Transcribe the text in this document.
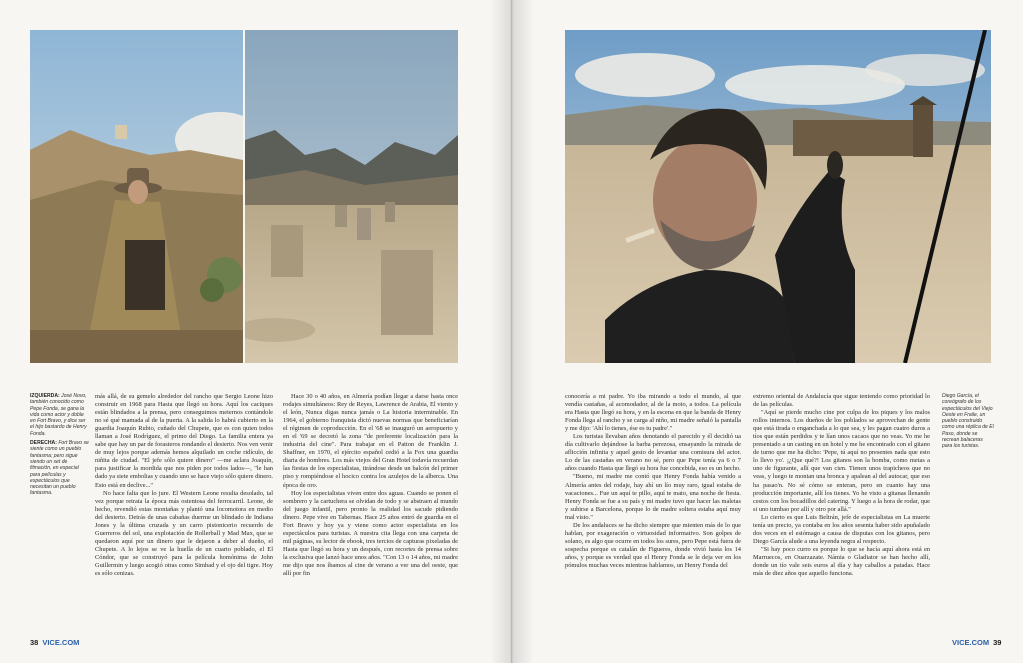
IZQUIERDA: José Novo, también conocido como Pepe Fonda, se gana la vida como actor y doble en Fort Bravo, y dice ser el hijo bastardo de Henry Fonda.

DERECHA: Fort Bravo se siente como un pueblo fantasma; pero sigue siendo un set de filmación, en especial para películas y espectáculos que necesitan un pueblo fantasma.

más allá, de su gemelo alrededor del rancho que Sergio Leone hizo construir en 1968 para Hasta que llegó su hora. Aquí los caciques están blindados a la prensa, pero conseguimos meternos contándole no sé qué mamada al de la puerta. A la salida lo habrá cubierto en la guardia Joaquín Rubio, cuñado del Chupete, que es con quien todos llaman a José Rodríguez, el primo del Diego. La familia entera ya sabe que hay un par de forasteros rondando el desierto. Nos ven venir de muy lejos porque además hemos alquilado un coche ridículo, de niñita de ciudad. "El jefe sólo quiere dinero" —me aclara Joaquín, para justificar la mordida que nos piden por todos lados—, "le han dado ya siete embolias y cuando uno se hace viejo sólo quiere dinero. Esto está en declive..."

No hace falta que lo jure. El Western Leone resulta desolado, tal vez porque retrata la época más ostentosa del ferrocarril. Leone, de hecho, revendió estas montañas y plantó una locomotora en medio del desierto. Detrás de unas cabañas duerme un blindado de Indiana Jones y la última cruzada y un carro pistonicerio recuerdo de Guerreros del sol, una explotación de Rollerball y Mad Max, que se quedaron aquí por un dinero que le dejaron a deber al dueño, el Chupete. A lo lejos se ve la huella de un cuarto poblado, el El Cóndor, que se construyó para la película homónima de John Guillermin y luego acogió otras como Simbad y el ojo del tigre. Hoy es sólo cenizas.

Hace 30 o 40 años, en Almería podían llegar a darse hasta once rodajes simultáneos: Rey de Reyes, Lawrence de Arabia, El viento y el león, Nunca digas nunca jamás o La historia interminable. En 1964, el gobierno franquista dictó nuevas normas que beneficiarían el régimen de coproducción. En el '68 se inauguró un aeropuerto y en el '69 se decretó la zona "de preferente localización para la industria del cine". Para trabajar en el Patton de Franklin J. Shaffner, en 1970, el ejército español cedió a la Fox una guardia diaria de hombres. Los más viejos del Gran Hotel todavía recuerdan las fiestas de los especialistas, tirándose desde un balcón del primer piso y rompiéndose el hocico contra los azulejos de la alberca. Una época de oro.

Hoy los especialistas viven entre dos aguas. Cuando se ponen el sombrero y la cartuchera se olvidan de todo y se abstraen al mundo del juego infantil, pero pronto la realidad los sacude pidiendo dinero. Pepe vive en Tabernas. Hace 25 años entró de guardia en el Fort Bravo y hoy ya y viene como actor especialista en los espectáculos para turistas. A nuestra cita llega con una carpeta de mil páginas, su lector de ebook, tres tercios de capturas pixeladas de Hasta que llegó su hora y un después, con recortes de prensa sobre la exclusiva que lanzó hace unos años. "Con 13 o 14 años, mi madre me dijo que nos íbamos al cine de verano a ver una del oeste, que allí por fin

38 VICE.COM

conocería a mi padre. Yo iba mirando a todo el mundo, al que vendía castañas, al acomodador, al de la moto, a todos. La película era Hasta que llegó su hora, y en la escena en que la banda de Henry Fonda llega al rancho y se carga al niño, mi madre señaló la pantalla y me dijo: 'Ahí lo tienes, ése es tu padre'."

Los turistas llevaban años denotando el parecido y él decidió ua día cultivarlo dejándose la barba perezosa, ensayando la mirada de aflicción infinita y aquel gesto de levantar una comisura del actor. Lo de las castañas en verano no sé, pero que Pepe tenía ya 6 o 7 años cuando Hasta que llegó su hora fue concebida, eso es un hecho.

"Bueno, mi madre me contó que Henry Fonda había venido a Almería antes del rodaje, hay ahí un lío muy raro, igual estaba de vacaciones... Fue un aquí te pillo, aquí te mato, una noche de fiesta. Henry Fonda se fue a su país y mi madre tuvo que hacer las maletas y subirse a Barcelona, porque lo de madre soltera estaba aquí muy mal visto."

De los andaluces se ha dicho siempre que mienten más de lo que hablan, por exageración o virtuosidad informativo. Son golpes de solano, es algo que ocurre en todos los sures, pero Pepe está fuera de sospecha porque es catalán de Figueres, donde vivió hasta los 14 años, y porque es verdad que el Henry Fonda se le deja ver en los pómulos muchas veces mientras hablamos, un Henry Fonda del

extremo oriental de Andalucía que sigue teniendo como prioridad lo de las películas.

"Aquí se pierde mucho cine por culpa de los piques y los malos rollos internos. Los dueños de los poblados se aprovechan de gente que está tirada o enganchada a lo que sea, y les pagan cuatro duros a tíos que están perdidos y te lían unos cacaos que no veas. Yo me he presentado a un casting en un hotel y me he encontrado con el gitano de turno que me ha dicho: 'Pepe, tú aquí no presentes nada que esto lo llevo yo'. ¡¿Que qué?! Los gitanos son la bomba, como metas a uno de figurante, allí que van cien. Tienen unos trapicheos que no veas, y luego te montan una bronca y apalean al del autocar, que eso ha pasao'n. No sé cómo se enteran, pero en cuanto hay una producción importante, allí los tienes. Yo he visto a gitanas llenando cestos con los bocadillos del catering. Y luego a la hora de rodar, que si uno tumbao por allí y otro por allá."

Lo cierto es que Luis Beltrán, jefe de especialistas en La muerte tenía un precio, ya contaba en los años sesenta haber sido apuñalado dos veces en el estómago a causa de disputas con los gitanos, pero Diego García alude a una leyenda negra al respecto.

"Si hay poco curro es porque lo que se hacía aquí ahora está en Marruecos, en Ouarzazate. Námia o Gladiator se han hecho allí, donde un tío vale seis euros al día y hay caballos a patadas. Hace más de diez años que aquello funciona.

Diego García, el coreógrafo de los espectáculos del Viejo Oeste en Fraile, un pueblo construido como una réplica de El Paso, donde se recrean balaceras para los turistas.

VICE.COM 39
